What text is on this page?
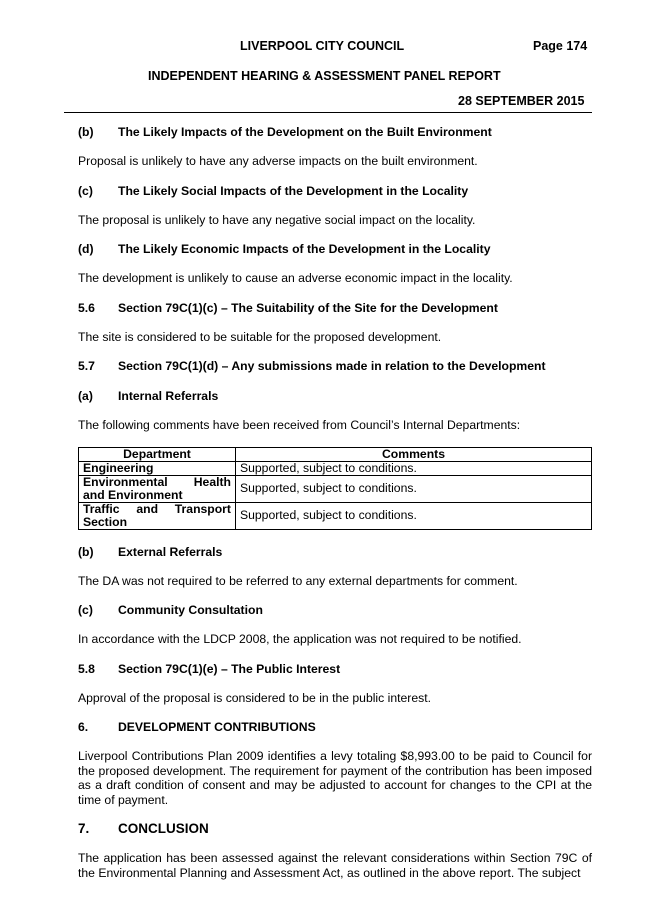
LIVERPOOL CITY COUNCIL	Page 174
INDEPENDENT HEARING & ASSESSMENT PANEL REPORT
28 SEPTEMBER 2015
(b)	The Likely Impacts of the Development on the Built Environment
Proposal is unlikely to have any adverse impacts on the built environment.
(c)	The Likely Social Impacts of the Development in the Locality
The proposal is unlikely to have any negative social impact on the locality.
(d)	The Likely Economic Impacts of the Development in the Locality
The development is unlikely to cause an adverse economic impact in the locality.
5.6	Section 79C(1)(c) – The Suitability of the Site for the Development
The site is considered to be suitable for the proposed development.
5.7	Section 79C(1)(d) – Any submissions made in relation to the Development
(a)	Internal Referrals
The following comments have been received from Council’s Internal Departments:
Department	Comments
Engineering	Supported, subject to conditions.
Environmental Health and Environment	Supported, subject to conditions.
Traffic and Transport Section	Supported, subject to conditions.
(b)	External Referrals
The DA was not required to be referred to any external departments for comment.
(c)	Community Consultation
In accordance with the LDCP 2008, the application was not required to be notified.
5.8	Section 79C(1)(e) – The Public Interest
Approval of the proposal is considered to be in the public interest.
6.	DEVELOPMENT CONTRIBUTIONS
Liverpool Contributions Plan 2009 identifies a levy totaling $8,993.00 to be paid to Council for the proposed development. The requirement for payment of the contribution has been imposed as a draft condition of consent and may be adjusted to account for changes to the CPI at the time of payment.
7.	CONCLUSION
The application has been assessed against the relevant considerations within Section 79C of the Environmental Planning and Assessment Act, as outlined in the above report. The subject
